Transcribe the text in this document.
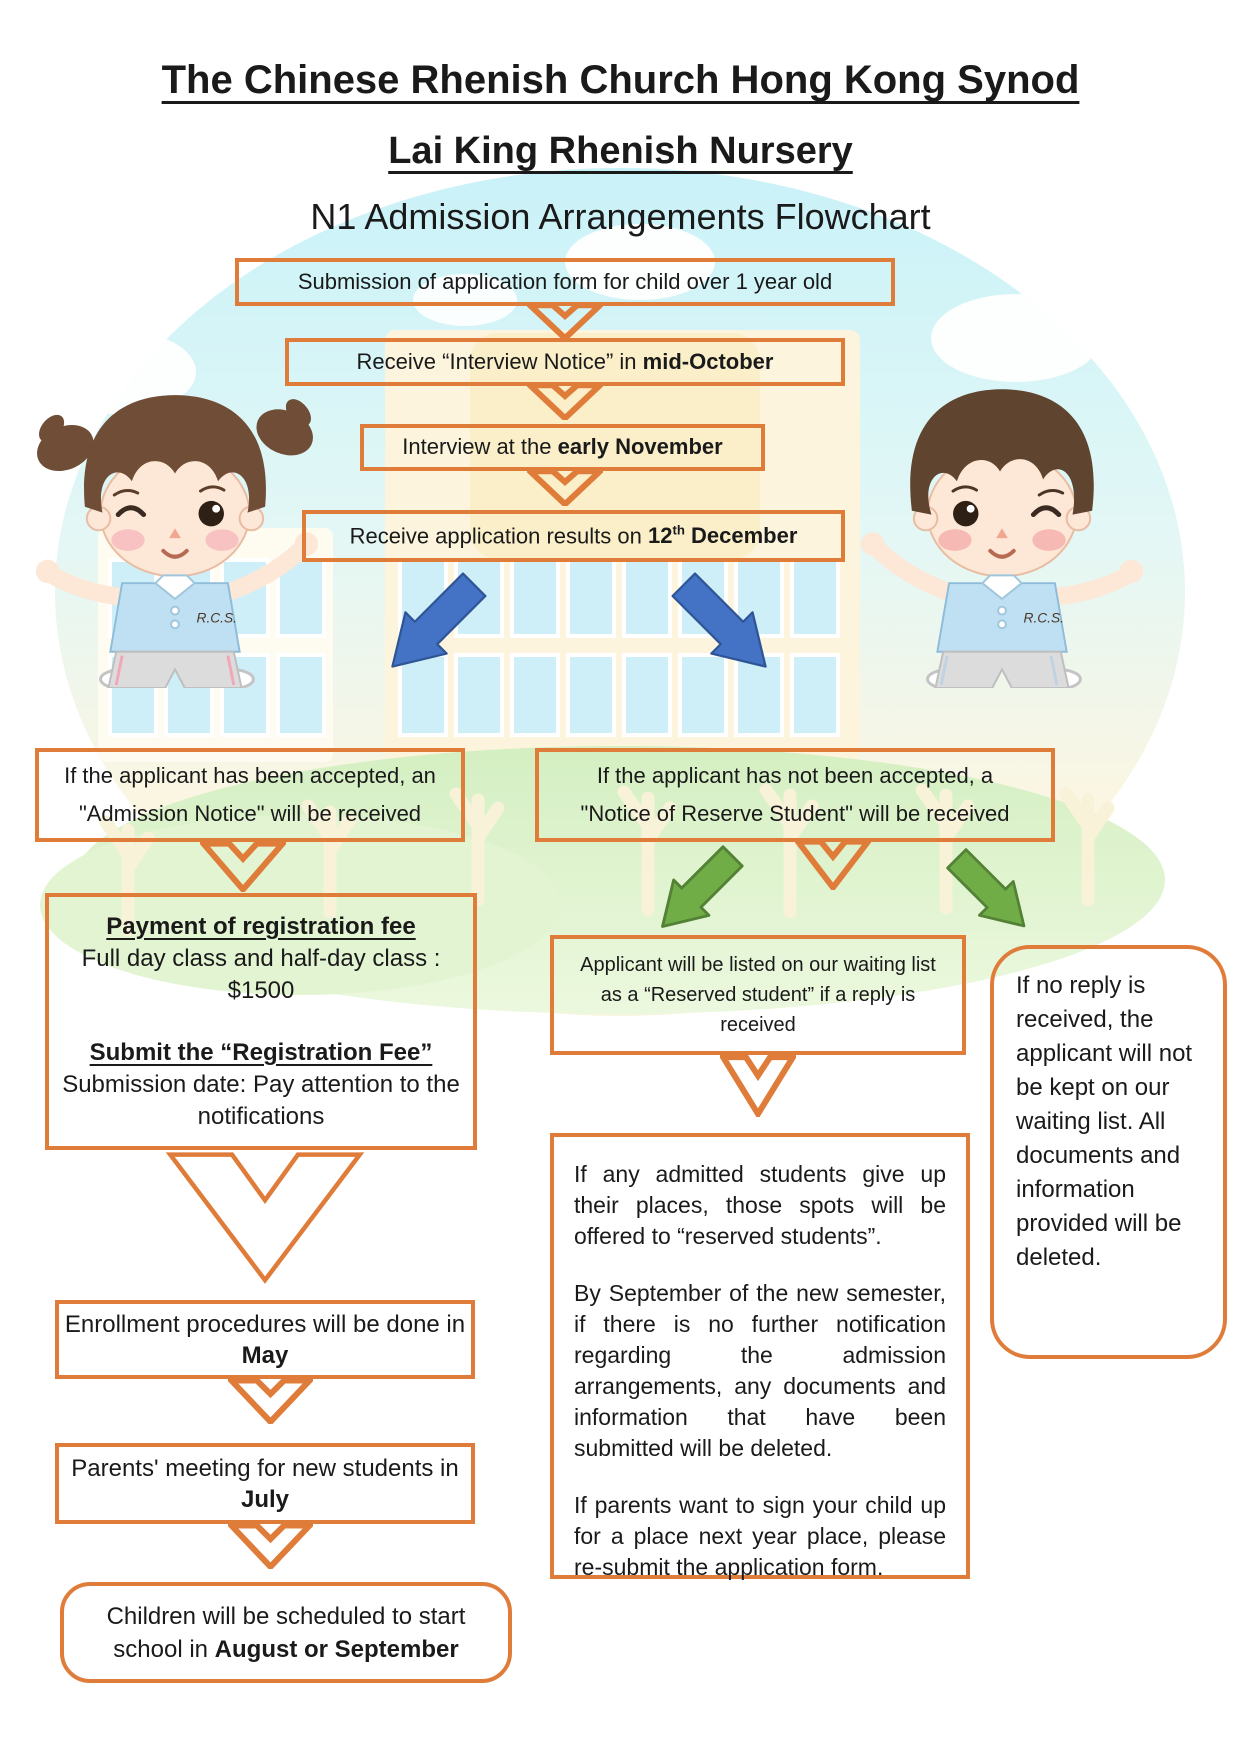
The Chinese Rhenish Church Hong Kong Synod
Lai King Rhenish Nursery
N1 Admission Arrangements Flowchart
R.C.S.	R.C.S.
Submission of application form for child over 1 year old
Receive “Interview Notice” in mid-October
Interview at the early November
Receive application results on 12th December
If the applicant has been accepted, an
"Admission Notice" will be received
If the applicant has not been accepted, a
"Notice of Reserve Student" will be received
Payment of registration fee
Full day class and half-day class :
$1500
Submit the “Registration Fee”
Submission date: Pay attention to the notifications
Enrollment procedures will be done in
May
Parents' meeting for new students in
July
Children will be scheduled to start
school in August or September
Applicant will be listed on our waiting list as a “Reserved student” if a reply is received

If any admitted students give up their places, those spots will be offered to “reserved students”.

By September of the new semester, if there is no further notification regarding the admission arrangements, any documents and information that have been submitted will be deleted.

If parents want to sign your child up for a place next year place, please re-submit the application form.

If no reply is received, the applicant will not be kept on our waiting list. All documents and information provided will be deleted.
